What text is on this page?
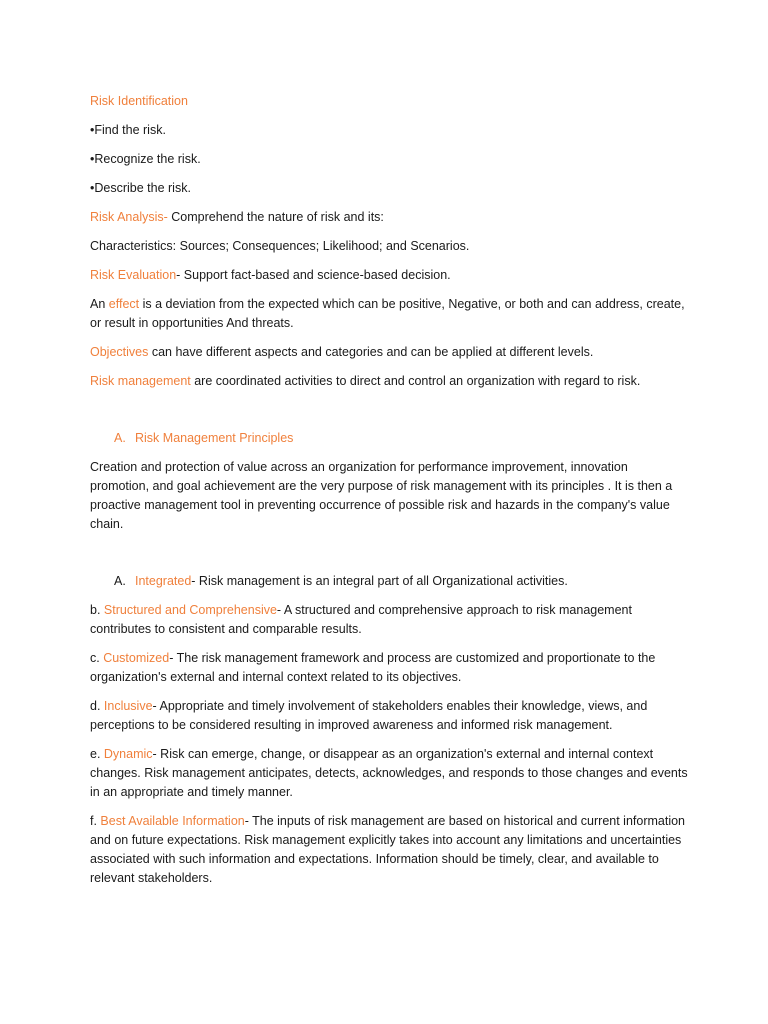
Risk Identification

•Find the risk.

•Recognize the risk.

•Describe the risk.

Risk Analysis- Comprehend the nature of risk and its:

Characteristics: Sources; Consequences; Likelihood; and Scenarios.

Risk Evaluation- Support fact-based and science-based decision.

An effect is a deviation from the expected which can be positive, Negative, or both and can address, create, or result in opportunities And threats.

Objectives can have different aspects and categories and can be applied at different levels.

Risk management are coordinated activities to direct and control an organization with regard to risk.

A. Risk Management Principles

Creation and protection of value across an organization for performance improvement, innovation promotion, and goal achievement are the very purpose of risk management with its principles . It is then a proactive management tool in preventing occurrence of possible risk and hazards in the company's value chain.

A. Integrated- Risk management is an integral part of all Organizational activities.

b. Structured and Comprehensive- A structured and comprehensive approach to risk management contributes to consistent and comparable results.

c. Customized- The risk management framework and process are customized and proportionate to the organization's external and internal context related to its objectives.

d. Inclusive- Appropriate and timely involvement of stakeholders enables their knowledge, views, and perceptions to be considered resulting in improved awareness and informed risk management.

e. Dynamic- Risk can emerge, change, or disappear as an organization's external and internal context changes. Risk management anticipates, detects, acknowledges, and responds to those changes and events in an appropriate and timely manner.

f. Best Available Information- The inputs of risk management are based on historical and current information and on future expectations. Risk management explicitly takes into account any limitations and uncertainties associated with such information and expectations. Information should be timely, clear, and available to relevant stakeholders.
